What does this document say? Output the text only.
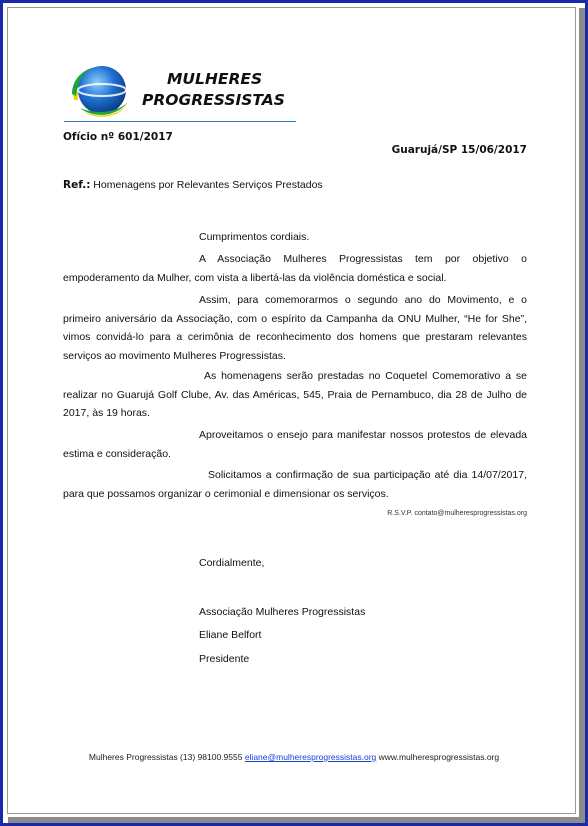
MULHERES
PROGRESSISTAS
Ofício nº 601/2017
Guarujá/SP 15/06/2017
Ref.: Homenagens por Relevantes Serviços Prestados
Cumprimentos cordiais.
A Associação Mulheres Progressistas tem por objetivo o empoderamento da Mulher, com vista a libertá-las da violência doméstica e social.
Assim, para comemorarmos o segundo ano do Movimento, e o primeiro aniversário da Associação, com o espírito da Campanha da ONU Mulher, “He for She”, vimos convidá-lo para a cerimônia de reconhecimento dos homens que prestaram relevantes serviços ao movimento Mulheres Progressistas.
As homenagens serão prestadas no Coquetel Comemorativo a se realizar no Guarujá Golf Clube, Av. das Américas, 545, Praia de Pernambuco, dia 28 de Julho de 2017, às 19 horas.
Aproveitamos o ensejo para manifestar nossos protestos de elevada estima e consideração.
Solicitamos a confirmação de sua participação até dia 14/07/2017, para que possamos organizar o cerimonial e dimensionar os serviços.
R.S.V.P. contato@mulheresprogressistas.org
Cordialmente,
Associação Mulheres Progressistas
Eliane Belfort
Presidente
Mulheres Progressistas (13) 98100.9555 eliane@mulheresprogressistas.org www.mulheresprogressistas.org
